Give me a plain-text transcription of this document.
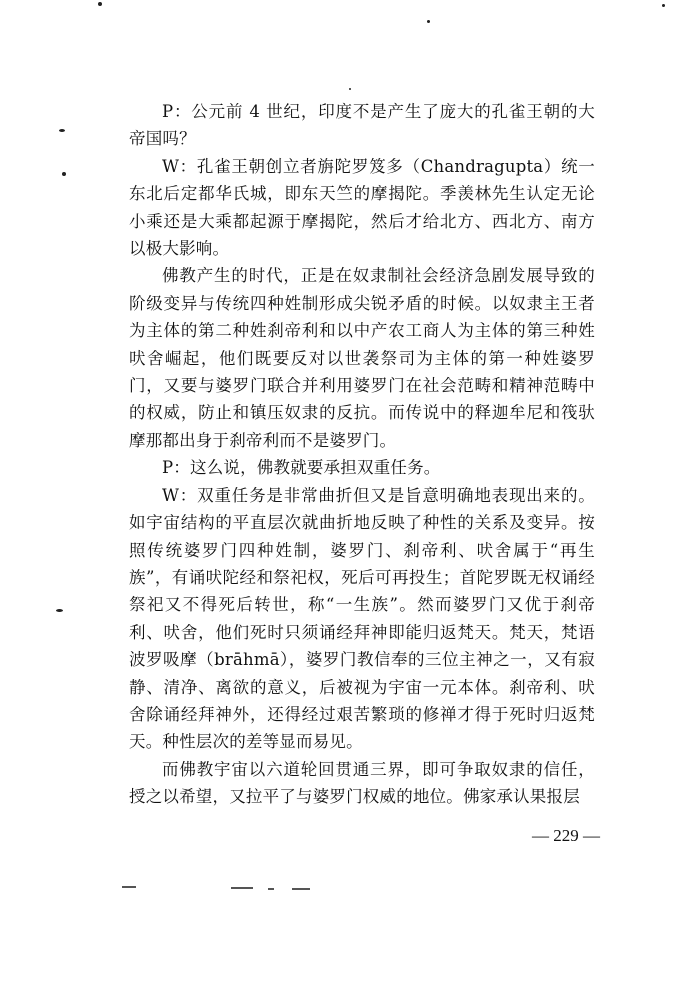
P：公元前 4 世纪，印度不是产生了庞大的孔雀王朝的大帝国吗？

W：孔雀王朝创立者旃陀罗笈多（Chandragupta）统一东北后定都华氏城，即东天竺的摩揭陀。季羡林先生认定无论小乘还是大乘都起源于摩揭陀，然后才给北方、西北方、南方以极大影响。

佛教产生的时代，正是在奴隶制社会经济急剧发展导致的阶级变异与传统四种姓制形成尖锐矛盾的时候。以奴隶主王者为主体的第二种姓刹帝利和以中产农工商人为主体的第三种姓吠舍崛起，他们既要反对以世袭祭司为主体的第一种姓婆罗门，又要与婆罗门联合并利用婆罗门在社会范畴和精神范畴中的权威，防止和镇压奴隶的反抗。而传说中的释迦牟尼和筏驮摩那都出身于刹帝利而不是婆罗门。

P：这么说，佛教就要承担双重任务。

W：双重任务是非常曲折但又是旨意明确地表现出来的。如宇宙结构的平直层次就曲折地反映了种性的关系及变异。按照传统婆罗门四种姓制，婆罗门、刹帝利、吠舍属于“再生族”，有诵吠陀经和祭祀权，死后可再投生；首陀罗既无权诵经祭祀又不得死后转世，称“一生族”。然而婆罗门又优于刹帝利、吠舍，他们死时只须诵经拜神即能归返梵天。梵天，梵语波罗吸摩（brāhmā），婆罗门教信奉的三位主神之一，又有寂静、清净、离欲的意义，后被视为宇宙一元本体。刹帝利、吠舍除诵经拜神外，还得经过艰苦繁琐的修禅才得于死时归返梵天。种性层次的差等显而易见。

而佛教宇宙以六道轮回贯通三界，即可争取奴隶的信任，授之以希望，又拉平了与婆罗门权威的地位。佛家承认果报层

— 229 —
